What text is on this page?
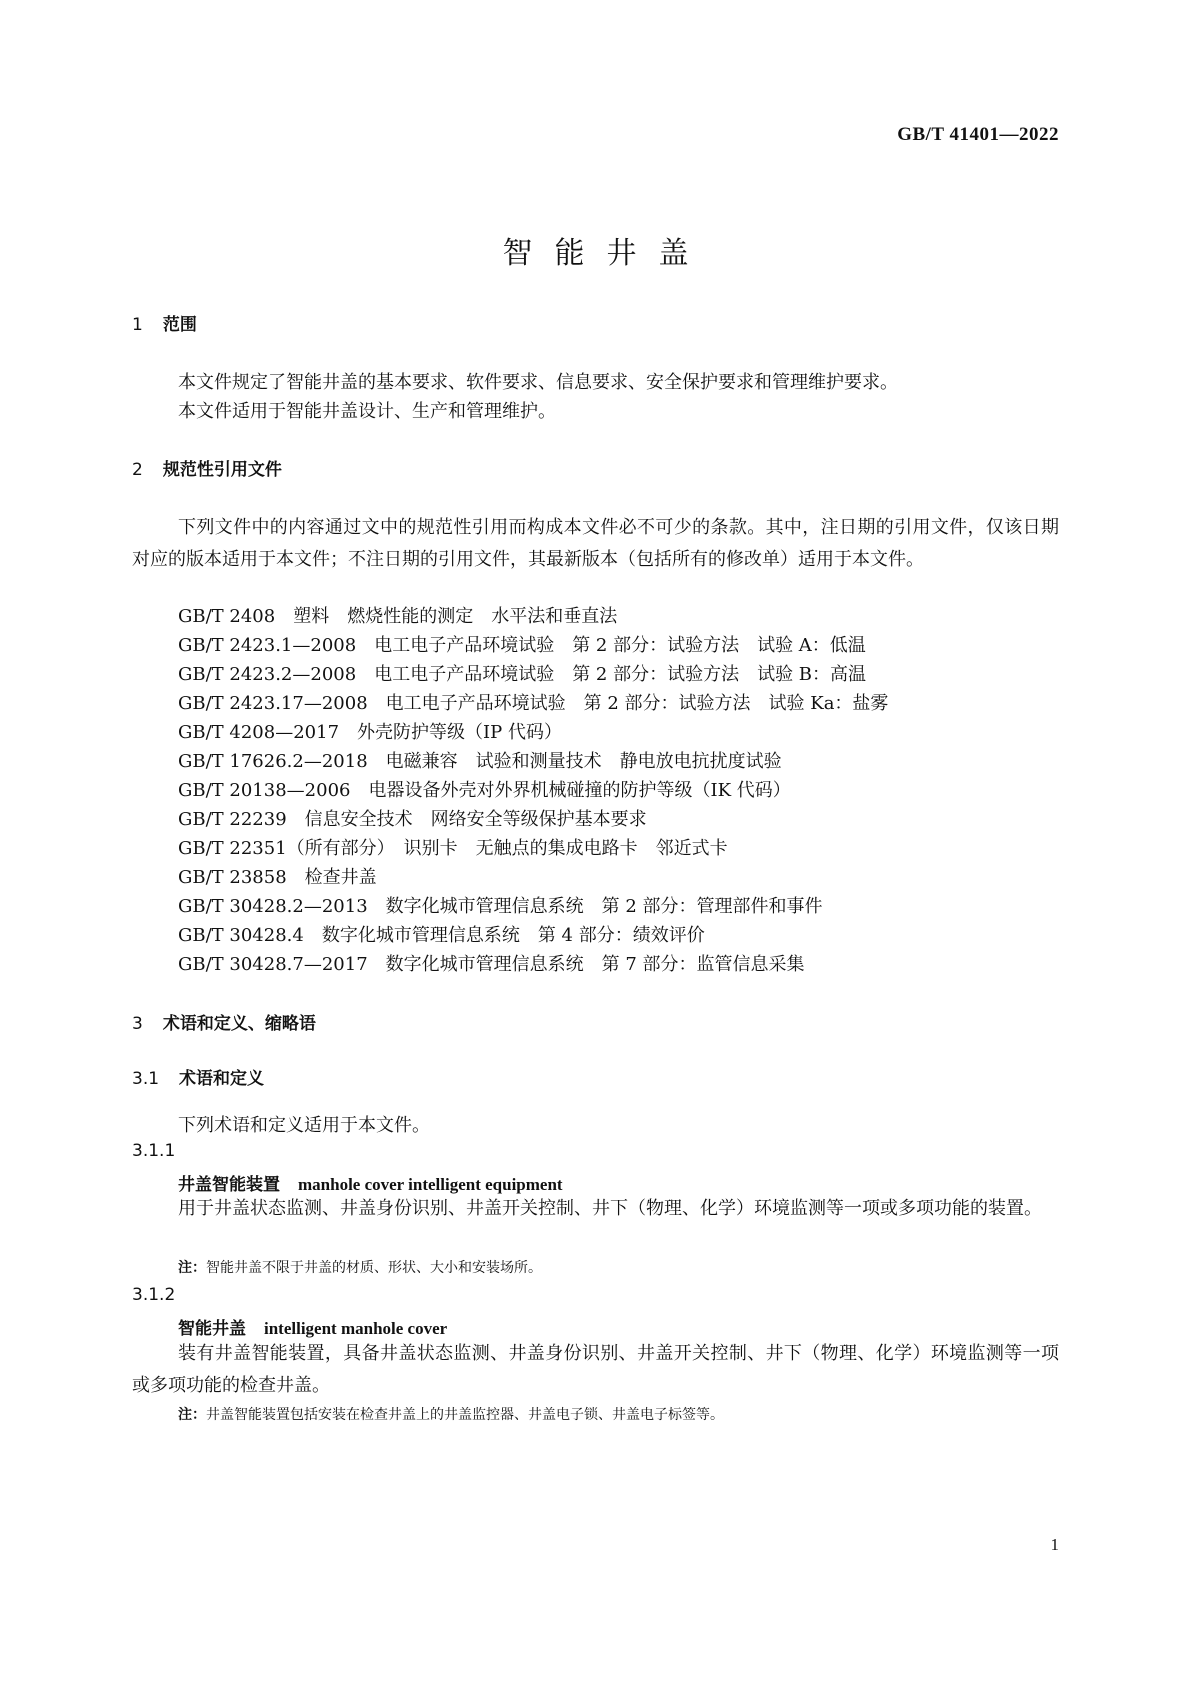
GB/T 41401—2022
智能井盖
1 范围
本文件规定了智能井盖的基本要求、软件要求、信息要求、安全保护要求和管理维护要求。
本文件适用于智能井盖设计、生产和管理维护。
2 规范性引用文件
下列文件中的内容通过文中的规范性引用而构成本文件必不可少的条款。其中，注日期的引用文件，仅该日期对应的版本适用于本文件；不注日期的引用文件，其最新版本（包括所有的修改单）适用于本文件。
GB/T 2408　塑料　燃烧性能的测定　水平法和垂直法
GB/T 2423.1—2008　电工电子产品环境试验　第 2 部分：试验方法　试验 A：低温
GB/T 2423.2—2008　电工电子产品环境试验　第 2 部分：试验方法　试验 B：高温
GB/T 2423.17—2008　电工电子产品环境试验　第 2 部分：试验方法　试验 Ka：盐雾
GB/T 4208—2017　外壳防护等级（IP 代码）
GB/T 17626.2—2018　电磁兼容　试验和测量技术　静电放电抗扰度试验
GB/T 20138—2006　电器设备外壳对外界机械碰撞的防护等级（IK 代码）
GB/T 22239　信息安全技术　网络安全等级保护基本要求
GB/T 22351（所有部分）　识别卡　无触点的集成电路卡　邻近式卡
GB/T 23858　检查井盖
GB/T 30428.2—2013　数字化城市管理信息系统　第 2 部分：管理部件和事件
GB/T 30428.4　数字化城市管理信息系统　第 4 部分：绩效评价
GB/T 30428.7—2017　数字化城市管理信息系统　第 7 部分：监管信息采集
3 术语和定义、缩略语
3.1 术语和定义
下列术语和定义适用于本文件。
3.1.1
井盖智能装置 manhole cover intelligent equipment
用于井盖状态监测、井盖身份识别、井盖开关控制、井下（物理、化学）环境监测等一项或多项功能的装置。
注：智能井盖不限于井盖的材质、形状、大小和安装场所。
3.1.2
智能井盖 intelligent manhole cover
装有井盖智能装置，具备井盖状态监测、井盖身份识别、井盖开关控制、井下（物理、化学）环境监测等一项或多项功能的检查井盖。
注：井盖智能装置包括安装在检查井盖上的井盖监控器、井盖电子锁、井盖电子标签等。
1
